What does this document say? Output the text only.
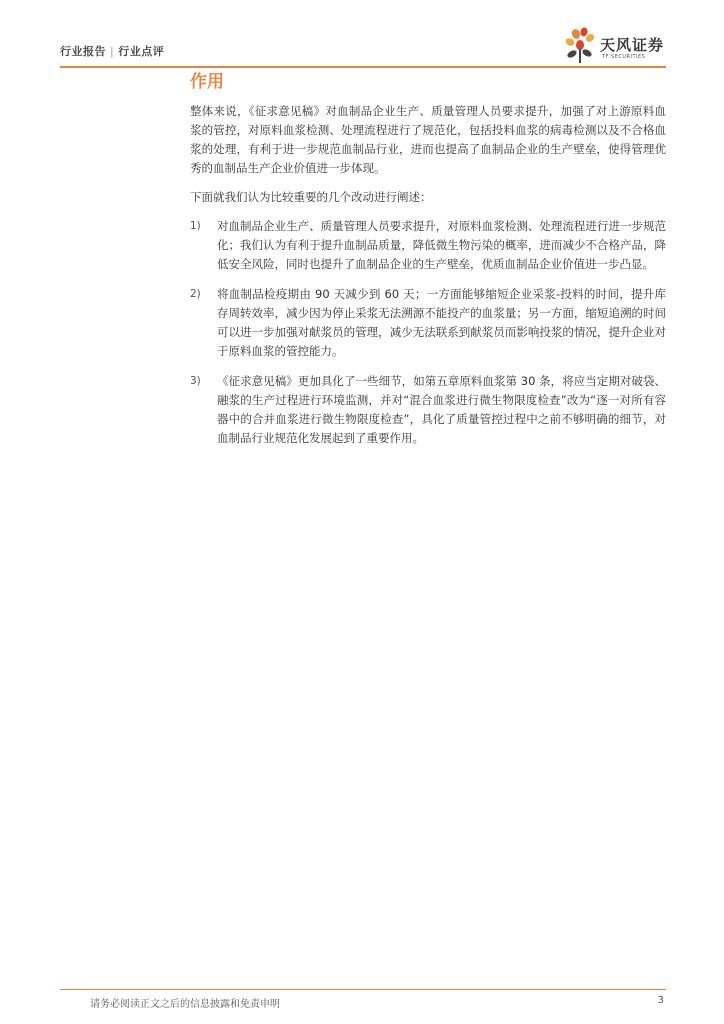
行业报告 | 行业点评	天风证券
TF SECURITIES
作用

整体来说，《征求意见稿》对血制品企业生产、质量管理人员要求提升，加强了对上游原料血浆的管控，对原料血浆检测、处理流程进行了规范化，包括投料血浆的病毒检测以及不合格血浆的处理，有利于进一步规范血制品行业，进而也提高了血制品企业的生产壁垒，使得管理优秀的血制品生产企业价值进一步体现。

下面就我们认为比较重要的几个改动进行阐述：

1) 对血制品企业生产、质量管理人员要求提升，对原料血浆检测、处理流程进行进一步规范化；我们认为有利于提升血制品质量，降低微生物污染的概率，进而减少不合格产品，降低安全风险，同时也提升了血制品企业的生产壁垒，优质血制品企业价值进一步凸显。
2) 将血制品检疫期由 90 天减少到 60 天；一方面能够缩短企业采浆-投料的时间，提升库存周转效率，减少因为停止采浆无法溯源不能投产的血浆量；另一方面，缩短追溯的时间可以进一步加强对献浆员的管理，减少无法联系到献浆员而影响投浆的情况，提升企业对于原料血浆的管控能力。
3) 《征求意见稿》更加具化了一些细节，如第五章原料血浆第 30 条，将应当定期对破袋、融浆的生产过程进行环境监测，并对“混合血浆进行微生物限度检查”改为“逐一对所有容器中的合并血浆进行微生物限度检查”，具化了质量管控过程中之前不够明确的细节，对血制品行业规范化发展起到了重要作用。
请务必阅读正文之后的信息披露和免责申明	3
